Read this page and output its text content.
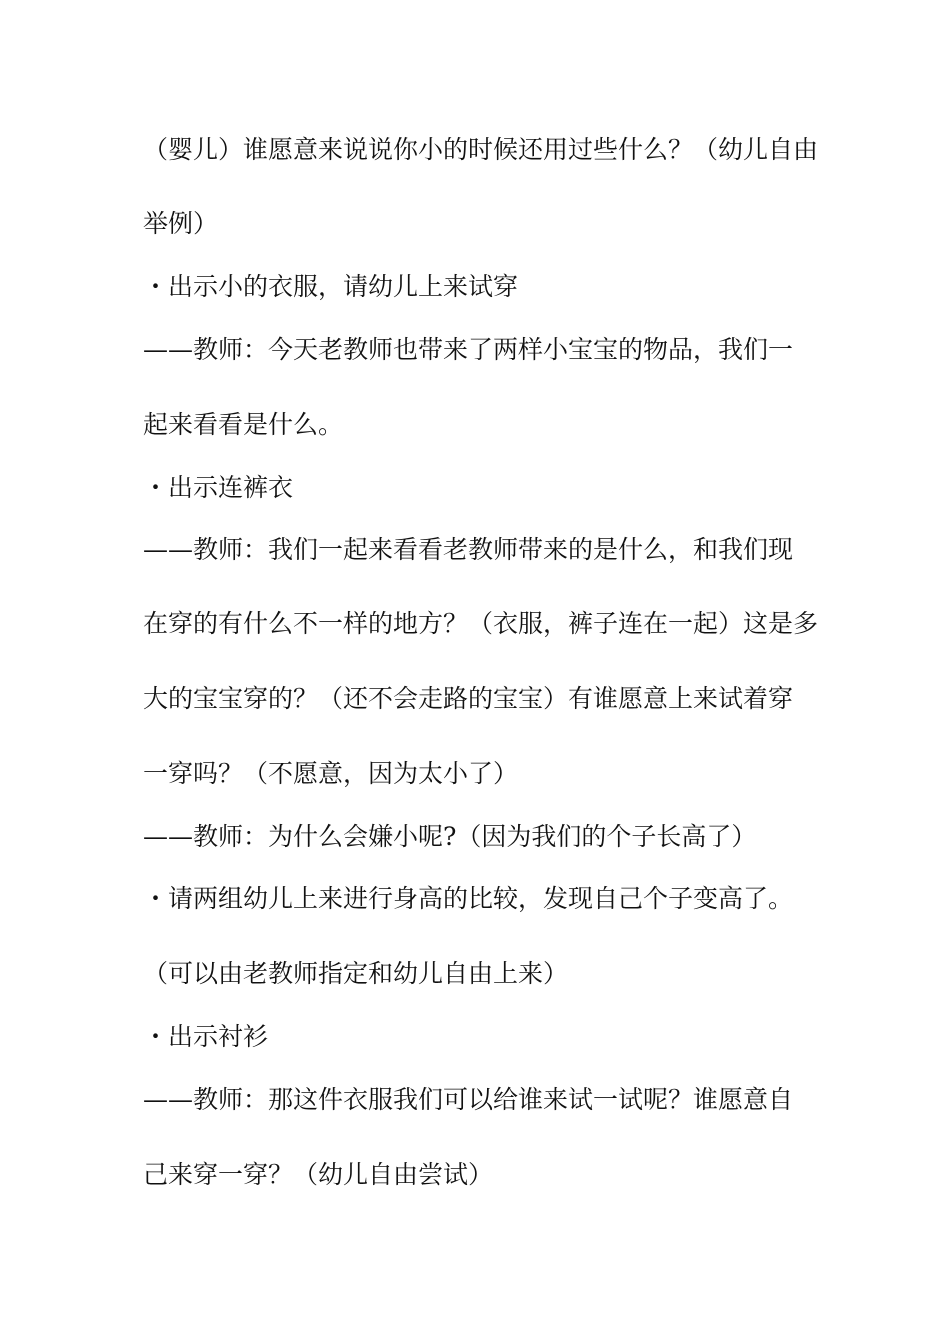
（婴儿）谁愿意来说说你小的时候还用过些什么？（幼儿自由
举例）
・出示小的衣服，请幼儿上来试穿
——教师：今天老教师也带来了两样小宝宝的物品，我们一
起来看看是什么。
・出示连裤衣
——教师：我们一起来看看老教师带来的是什么，和我们现
在穿的有什么不一样的地方？（衣服，裤子连在一起）这是多
大的宝宝穿的？（还不会走路的宝宝）有谁愿意上来试着穿
一穿吗？（不愿意，因为太小了）
——教师：为什么会嫌小呢?（因为我们的个子长高了）
・请两组幼儿上来进行身高的比较，发现自己个子变高了。
（可以由老教师指定和幼儿自由上来）
・出示衬衫
——教师：那这件衣服我们可以给谁来试一试呢？谁愿意自
己来穿一穿？（幼儿自由尝试）
